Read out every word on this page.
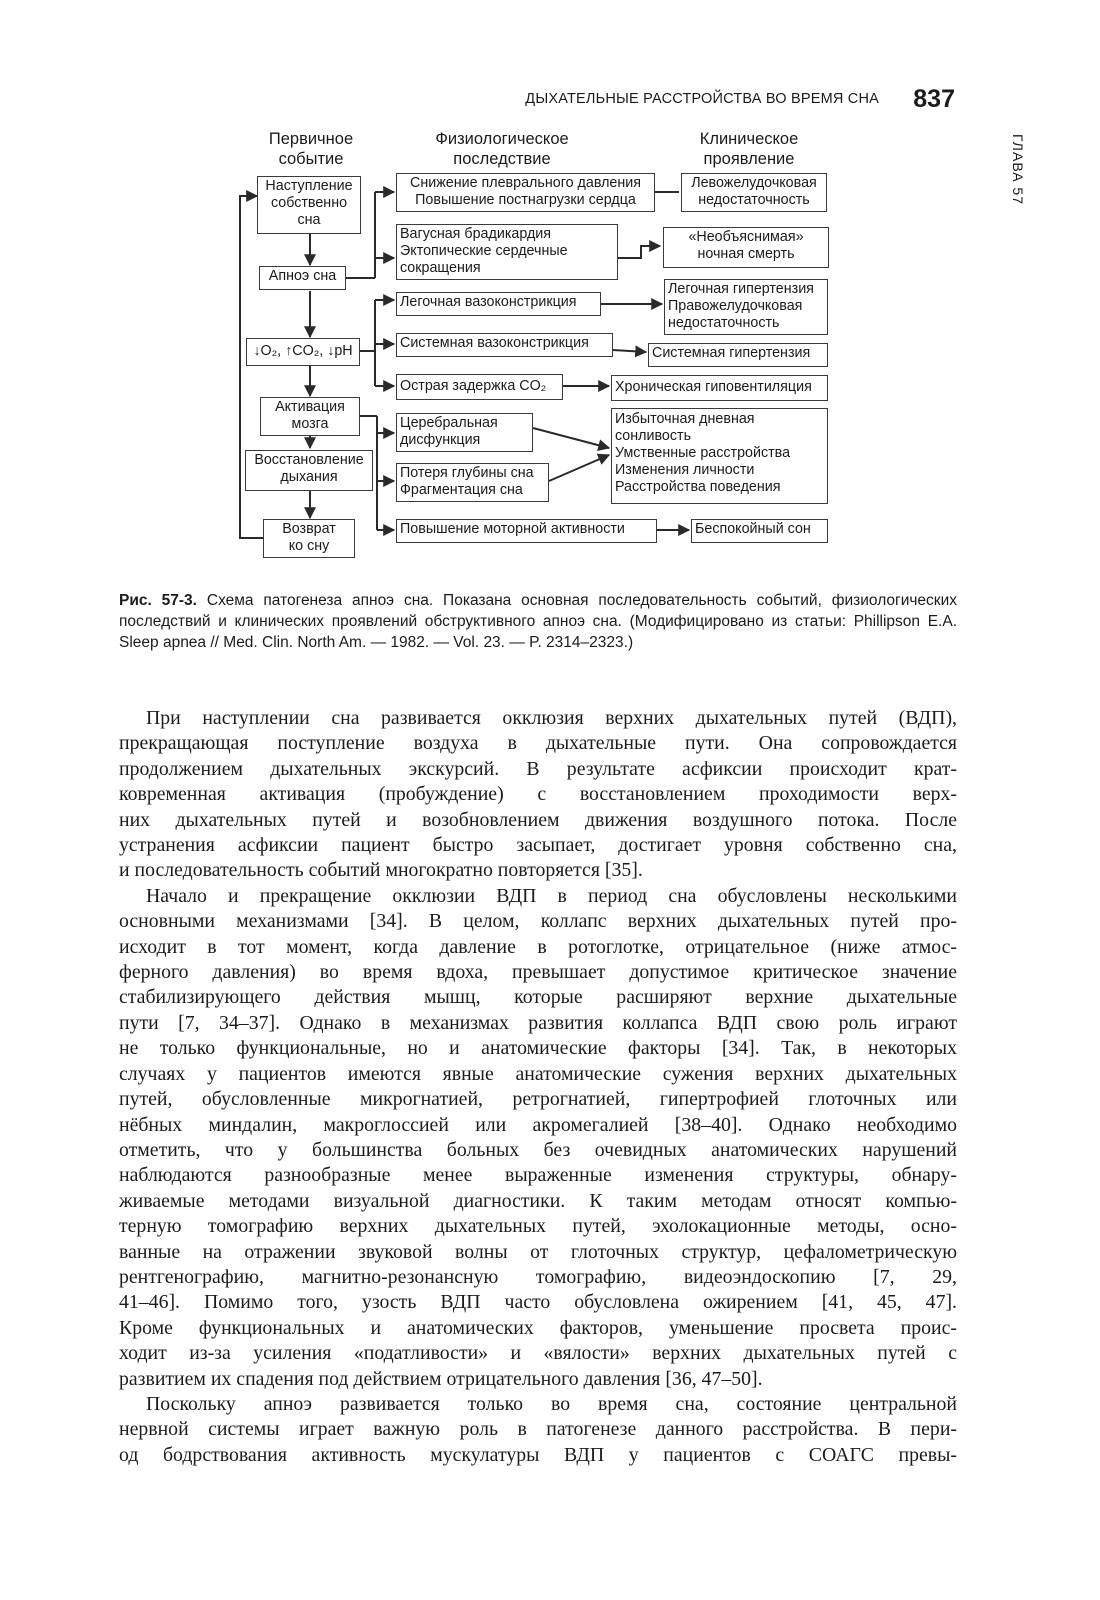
ДЫХАТЕЛЬНЫЕ РАССТРОЙСТВА ВО ВРЕМЯ СНА 837
ГЛАВА 57
Первичное событие
Физиологическое последствие
Клиническое проявление
Наступление
собственно
сна
Апноэ сна
↓O₂, ↑CO₂, ↓pH
Активация
мозга
Восстановление
дыхания
Возврат
ко сну
Снижение плеврального давления
Повышение постнагрузки сердца
Вагусная брадикардия
Эктопические сердечные
сокращения
Легочная вазоконстрикция
Системная вазоконстрикция
Острая задержка CO₂
Церебральная
дисфункция
Потеря глубины сна
Фрагментация сна
Повышение моторной активности
Левожелудочковая
недостаточность
«Необъяснимая»
ночная смерть
Легочная гипертензия
Правожелудочковая
недостаточность
Системная гипертензия
Хроническая гиповентиляция
Избыточная дневная
сонливость
Умственные расстройства
Изменения личности
Расстройства поведения
Беспокойный сон
Рис. 57-3. Схема патогенеза апноэ сна. Показана основная последовательность событий, физиологических последствий и клинических проявлений обструктивного апноэ сна. (Модифицировано из статьи: Phillipson E.A. Sleep apnea // Med. Clin. North Am. — 1982. — Vol. 23. — P. 2314–2323.)

При наступлении сна развивается окклюзия верхних дыхательных путей (ВДП),
прекращающая поступление воздуха в дыхательные пути. Она сопровождается
продолжением дыхательных экскурсий. В результате асфиксии происходит крат-
ковременная активация (пробуждение) с восстановлением проходимости верх-
них дыхательных путей и возобновлением движения воздушного потока. После
устранения асфиксии пациент быстро засыпает, достигает уровня собственно сна,
и последовательность событий многократно повторяется [35].

Начало и прекращение окклюзии ВДП в период сна обусловлены несколькими
основными механизмами [34]. В целом, коллапс верхних дыхательных путей про-
исходит в тот момент, когда давление в ротоглотке, отрицательное (ниже атмос-
ферного давления) во время вдоха, превышает допустимое критическое значение
стабилизирующего действия мышц, которые расширяют верхние дыхательные
пути [7, 34–37]. Однако в механизмах развития коллапса ВДП свою роль играют
не только функциональные, но и анатомические факторы [34]. Так, в некоторых
случаях у пациентов имеются явные анатомические сужения верхних дыхательных
путей, обусловленные микрогнатией, ретрогнатией, гипертрофией глоточных или
нёбных миндалин, макроглоссией или акромегалией [38–40]. Однако необходимо
отметить, что у большинства больных без очевидных анатомических нарушений
наблюдаются разнообразные менее выраженные изменения структуры, обнару-
живаемые методами визуальной диагностики. К таким методам относят компью-
терную томографию верхних дыхательных путей, эхолокационные методы, осно-
ванные на отражении звуковой волны от глоточных структур, цефалометрическую
рентгенографию, магнитно-резонансную томографию, видеоэндоскопию [7, 29,
41–46]. Помимо того, узость ВДП часто обусловлена ожирением [41, 45, 47].
Кроме функциональных и анатомических факторов, уменьшение просвета проис-
ходит из-за усиления «податливости» и «вялости» верхних дыхательных путей с
развитием их спадения под действием отрицательного давления [36, 47–50].

Поскольку апноэ развивается только во время сна, состояние центральной
нервной системы играет важную роль в патогенезе данного расстройства. В пери-
од бодрствования активность мускулатуры ВДП у пациентов с СОАГС превы-
